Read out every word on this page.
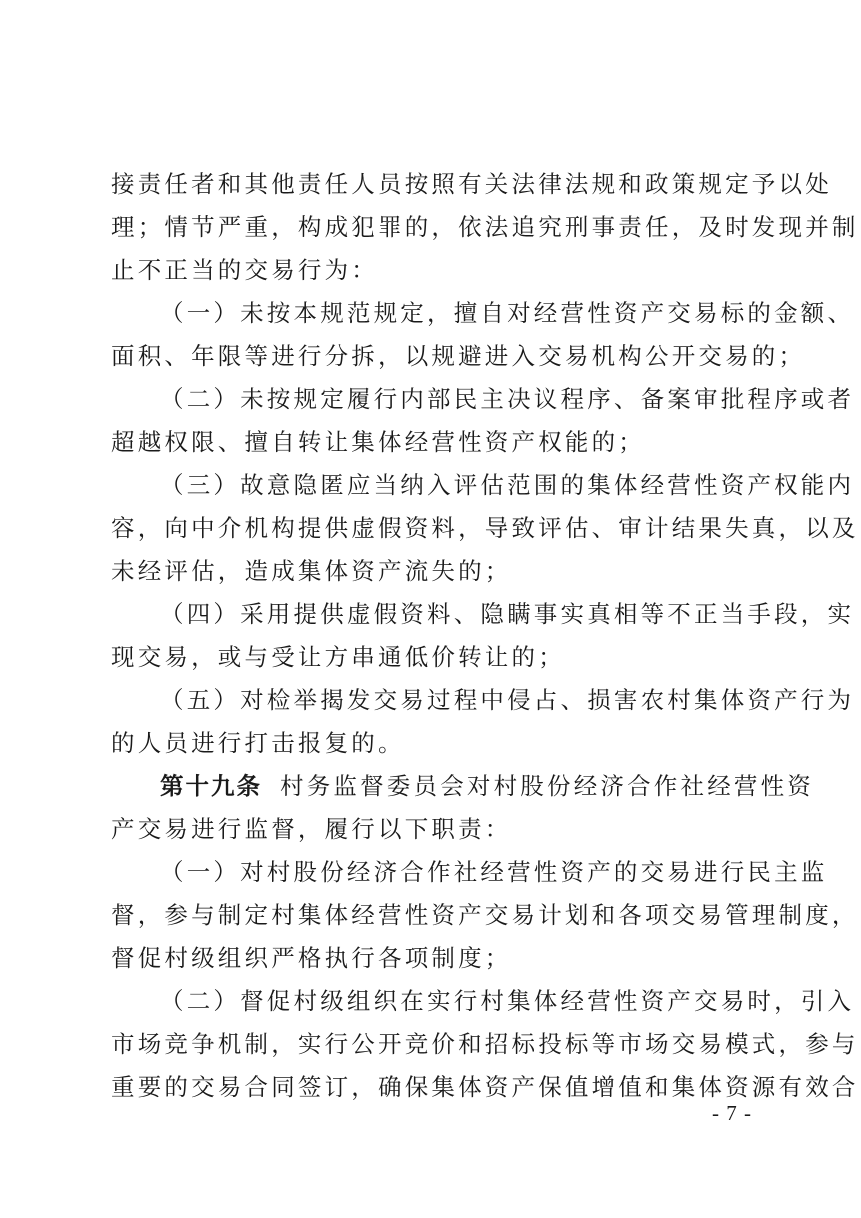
接责任者和其他责任人员按照有关法律法规和政策规定予以处
理；情节严重，构成犯罪的，依法追究刑事责任，及时发现并制
止不正当的交易行为：
（一）未按本规范规定，擅自对经营性资产交易标的金额、
面积、年限等进行分拆，以规避进入交易机构公开交易的；
（二）未按规定履行内部民主决议程序、备案审批程序或者
超越权限、擅自转让集体经营性资产权能的；
（三）故意隐匿应当纳入评估范围的集体经营性资产权能内
容，向中介机构提供虚假资料，导致评估、审计结果失真，以及
未经评估，造成集体资产流失的；
（四）采用提供虚假资料、隐瞒事实真相等不正当手段，实
现交易，或与受让方串通低价转让的；
（五）对检举揭发交易过程中侵占、损害农村集体资产行为
的人员进行打击报复的。
第十九条 村务监督委员会对村股份经济合作社经营性资
产交易进行监督，履行以下职责：
（一）对村股份经济合作社经营性资产的交易进行民主监
督，参与制定村集体经营性资产交易计划和各项交易管理制度，
督促村级组织严格执行各项制度；
（二）督促村级组织在实行村集体经营性资产交易时，引入
市场竞争机制，实行公开竞价和招标投标等市场交易模式，参与
重要的交易合同签订，确保集体资产保值增值和集体资源有效合
- 7 -
